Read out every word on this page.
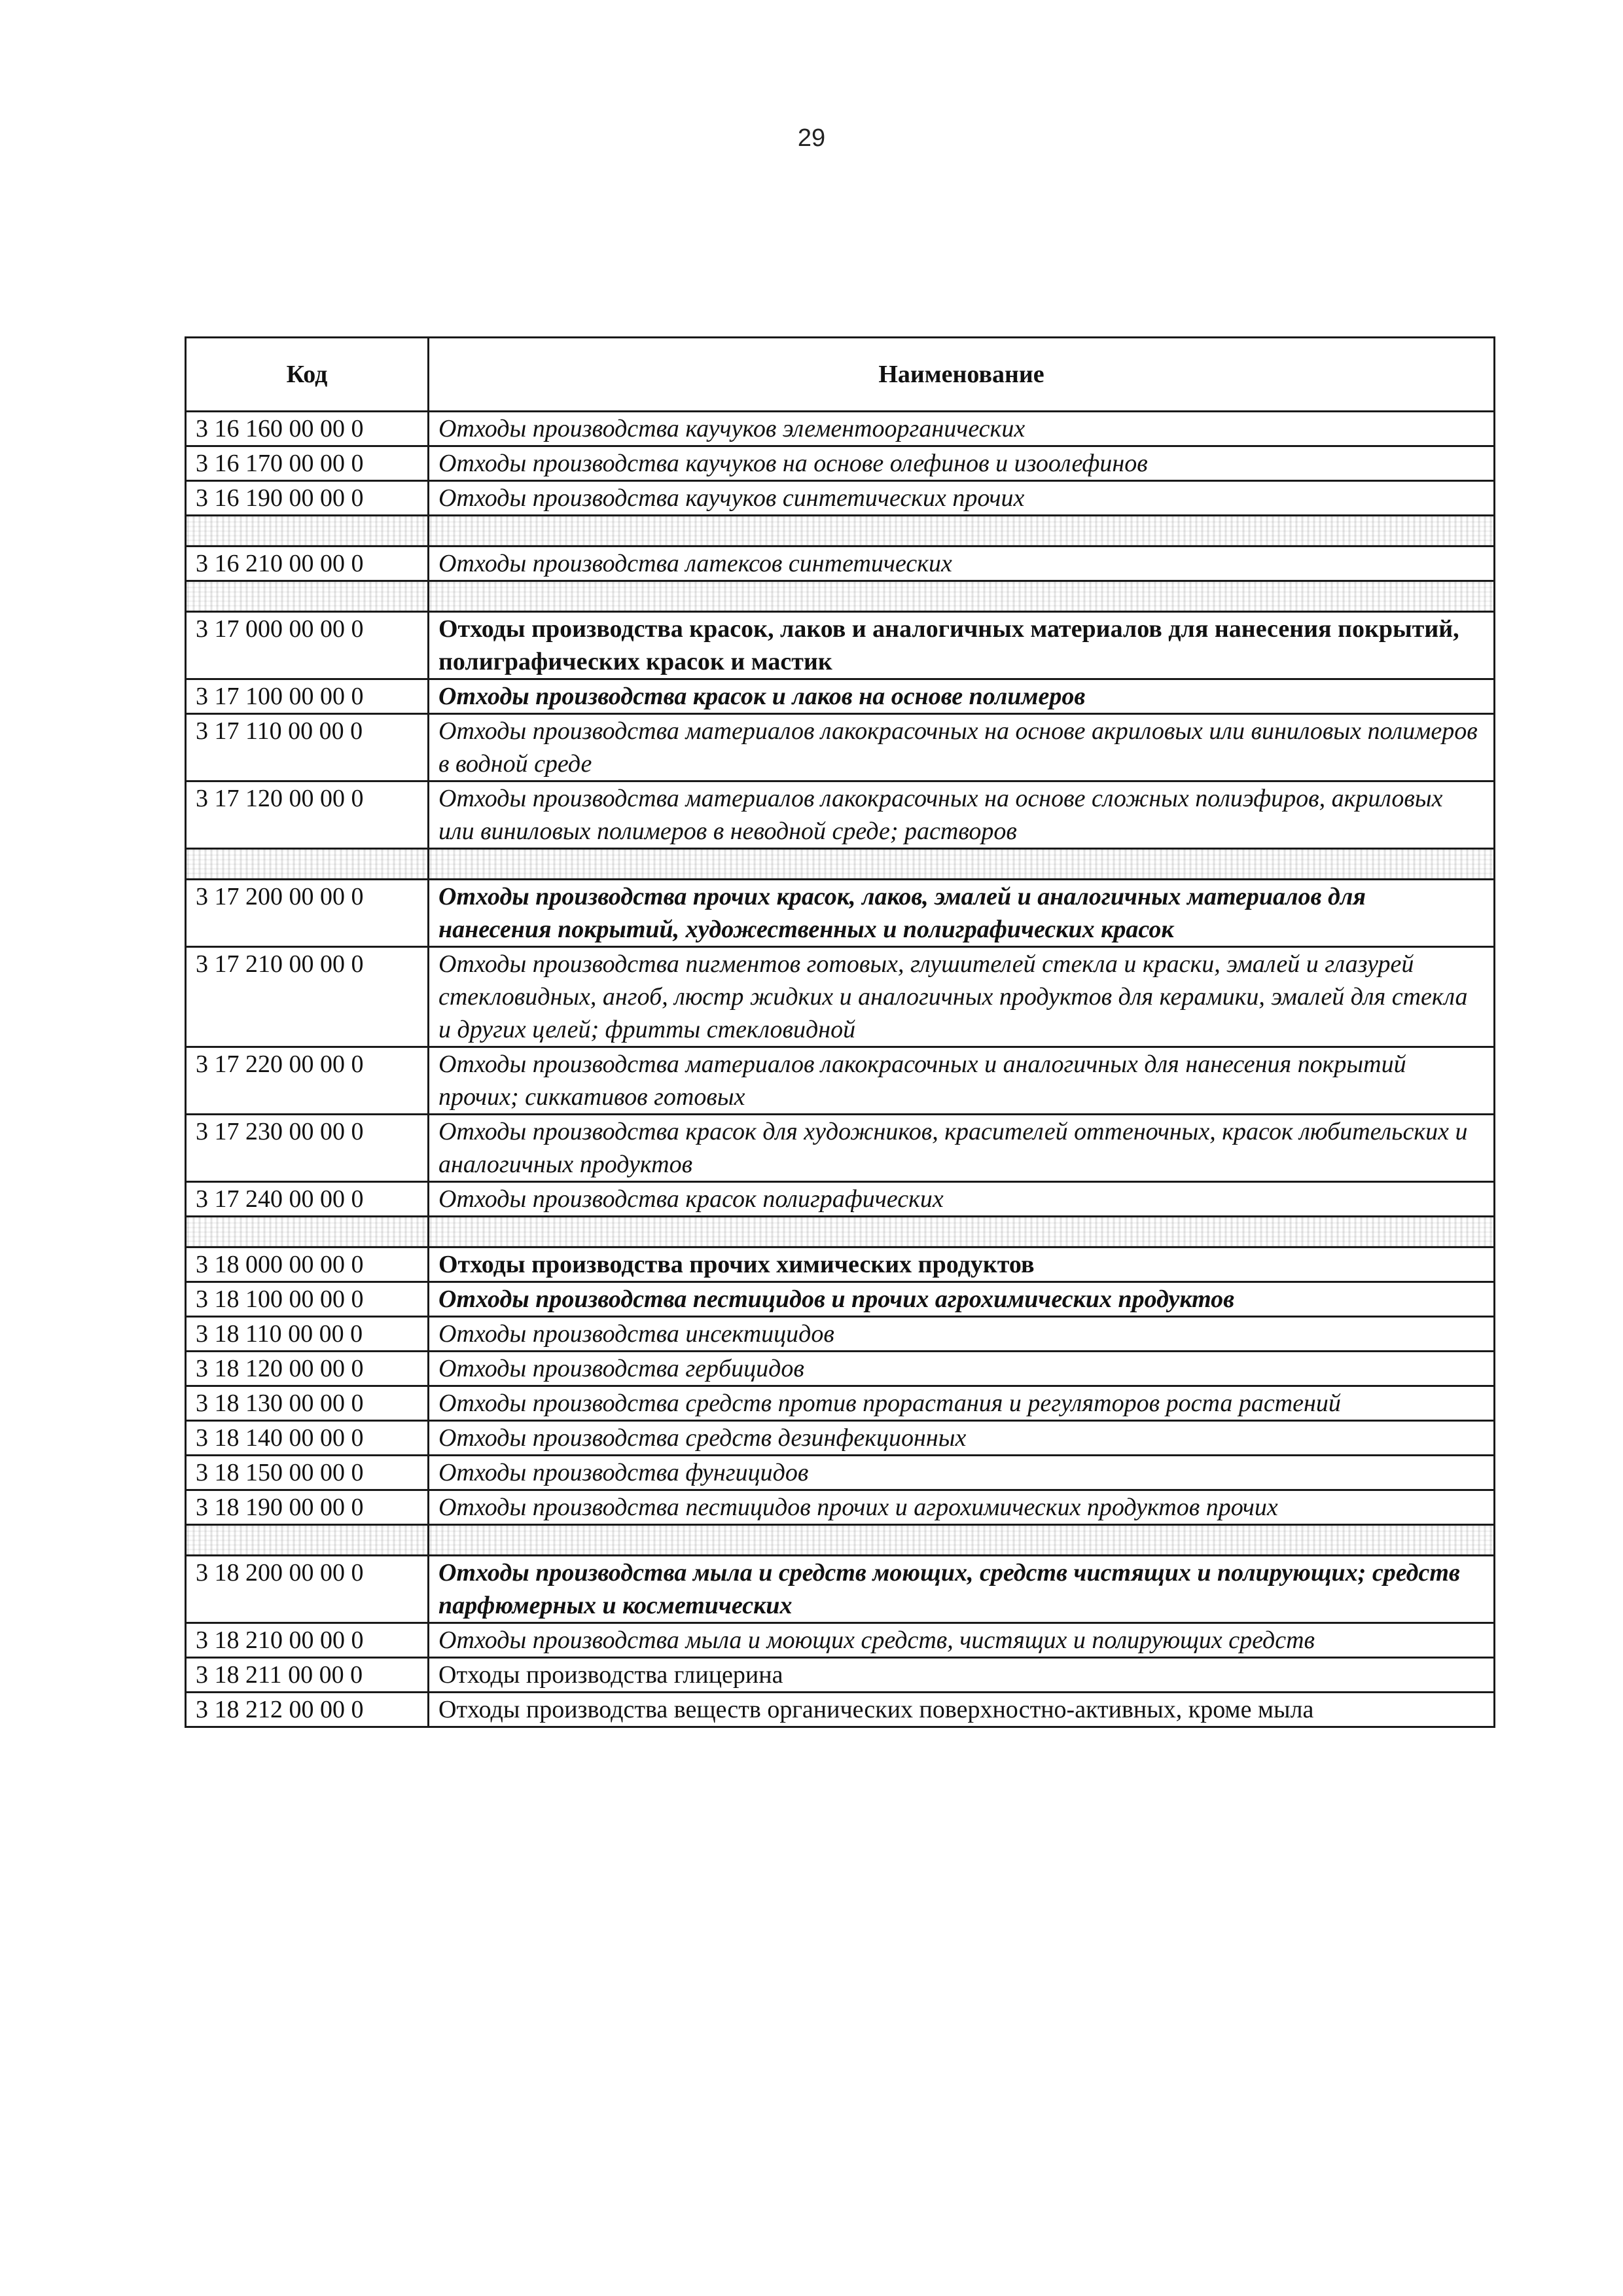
29
Код	Наименование
3 16 160 00 00 0	Отходы производства каучуков элементоорганических
3 16 170 00 00 0	Отходы производства каучуков на основе олефинов и изоолефинов
3 16 190 00 00 0	Отходы производства каучуков синтетических прочих

3 16 210 00 00 0	Отходы производства латексов синтетических

3 17 000 00 00 0	Отходы производства красок, лаков и аналогичных материалов для нанесения покрытий, полиграфических красок и мастик
3 17 100 00 00 0	Отходы производства красок и лаков на основе полимеров
3 17 110 00 00 0	Отходы производства материалов лакокрасочных на основе акриловых или виниловых полимеров в водной среде
3 17 120 00 00 0	Отходы производства материалов лакокрасочных на основе сложных полиэфиров, акриловых или виниловых полимеров в неводной среде; растворов

3 17 200 00 00 0	Отходы производства прочих красок, лаков, эмалей и аналогичных материалов для нанесения покрытий, художественных и полиграфических красок
3 17 210 00 00 0	Отходы производства пигментов готовых, глушителей стекла и краски, эмалей и глазурей стекловидных, ангоб, люстр жидких и аналогичных продуктов для керамики, эмалей для стекла и других целей; фритты стекловидной
3 17 220 00 00 0	Отходы производства материалов лакокрасочных и аналогичных для нанесения покрытий прочих; сиккативов готовых
3 17 230 00 00 0	Отходы производства красок для художников, красителей оттеночных, красок любительских и аналогичных продуктов
3 17 240 00 00 0	Отходы производства красок полиграфических

3 18 000 00 00 0	Отходы производства прочих химических продуктов
3 18 100 00 00 0	Отходы производства пестицидов и прочих агрохимических продуктов
3 18 110 00 00 0	Отходы производства инсектицидов
3 18 120 00 00 0	Отходы производства гербицидов
3 18 130 00 00 0	Отходы производства средств против прорастания и регуляторов роста растений
3 18 140 00 00 0	Отходы производства средств дезинфекционных
3 18 150 00 00 0	Отходы производства фунгицидов
3 18 190 00 00 0	Отходы производства пестицидов прочих и агрохимических продуктов прочих

3 18 200 00 00 0	Отходы производства мыла и средств моющих, средств чистящих и полирующих; средств парфюмерных и косметических
3 18 210 00 00 0	Отходы производства мыла и моющих средств, чистящих и полирующих средств
3 18 211 00 00 0	Отходы производства глицерина
3 18 212 00 00 0	Отходы производства веществ органических поверхностно-активных, кроме мыла
